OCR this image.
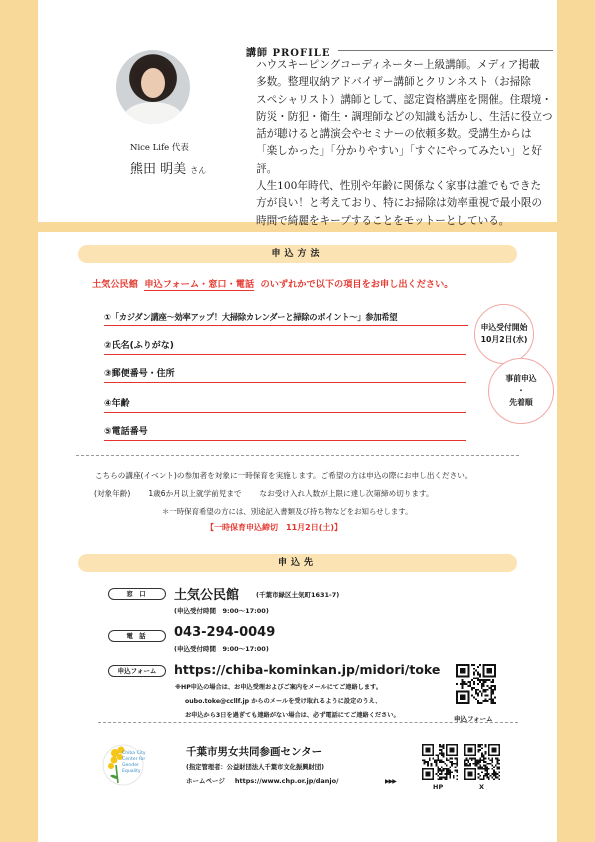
Nice Life 代表
熊田 明美 さん
講師 PROFILE
ハウスキーピングコーディネーター上級講師。メディア掲載
多数。整理収納アドバイザー講師とクリンネスト（お掃除
スペシャリスト）講師として、認定資格講座を開催。住環境・
防災・防犯・衛生・調理師などの知識も活かし、生活に役立つ
話が聴けると講演会やセミナーの依頼多数。受講生からは
「楽しかった」「分かりやすい」「すぐにやってみたい」と好評。
人生100年時代、性別や年齢に関係なく家事は誰でもできた
方が良い！と考えており、特にお掃除は効率重視で最小限の
時間で綺麗をキープすることをモットーとしている。
申込方法
土気公民館 申込フォーム・窓口・電話 のいずれかで以下の項目をお申し出ください。
①「カジダン講座～効率アップ！大掃除カレンダーと掃除のポイント～」参加希望
②氏名(ふりがな)
③郵便番号・住所
④年齢
⑤電話番号
申込受付開始
10月2日(水)
事前申込
・
先着順
こちらの講座(イベント)の参加者を対象に一時保育を実施します。ご希望の方は申込の際にお申し出ください。
(対象年齢) 1歳6か月以上就学前児まで なお受け入れ人数が上限に達し次第締め切ります。
＊一時保育希望の方には、別途記入書類及び持ち物などをお知らせします。
【一時保育申込締切　11月2日(土)】
申込先
窓 口	土気公民館	(千葉市緑区土気町1631-7)
(申込受付時間　9:00～17:00)
電 話	043-294-0049
(申込受付時間　9:00～17:00)
申込フォーム	https://chiba-kominkan.jp/midori/toke
※HP申込の場合は、お申込受理およびご案内をメールにてご連絡します。
oubo.toke@ccllf.jp からのメールを受け取れるように設定のうえ、
お申込から3日を過ぎても連絡がない場合は、必ず電話にてご連絡ください。	申込フォーム
Chiba City
Center for
Gender
Equality
千葉市男女共同参画センター
(指定管理者：公益財団法人千葉市文化振興財団)
ホームページ https://www.chp.or.jp/danjo/	▶▶▶
HP	X
